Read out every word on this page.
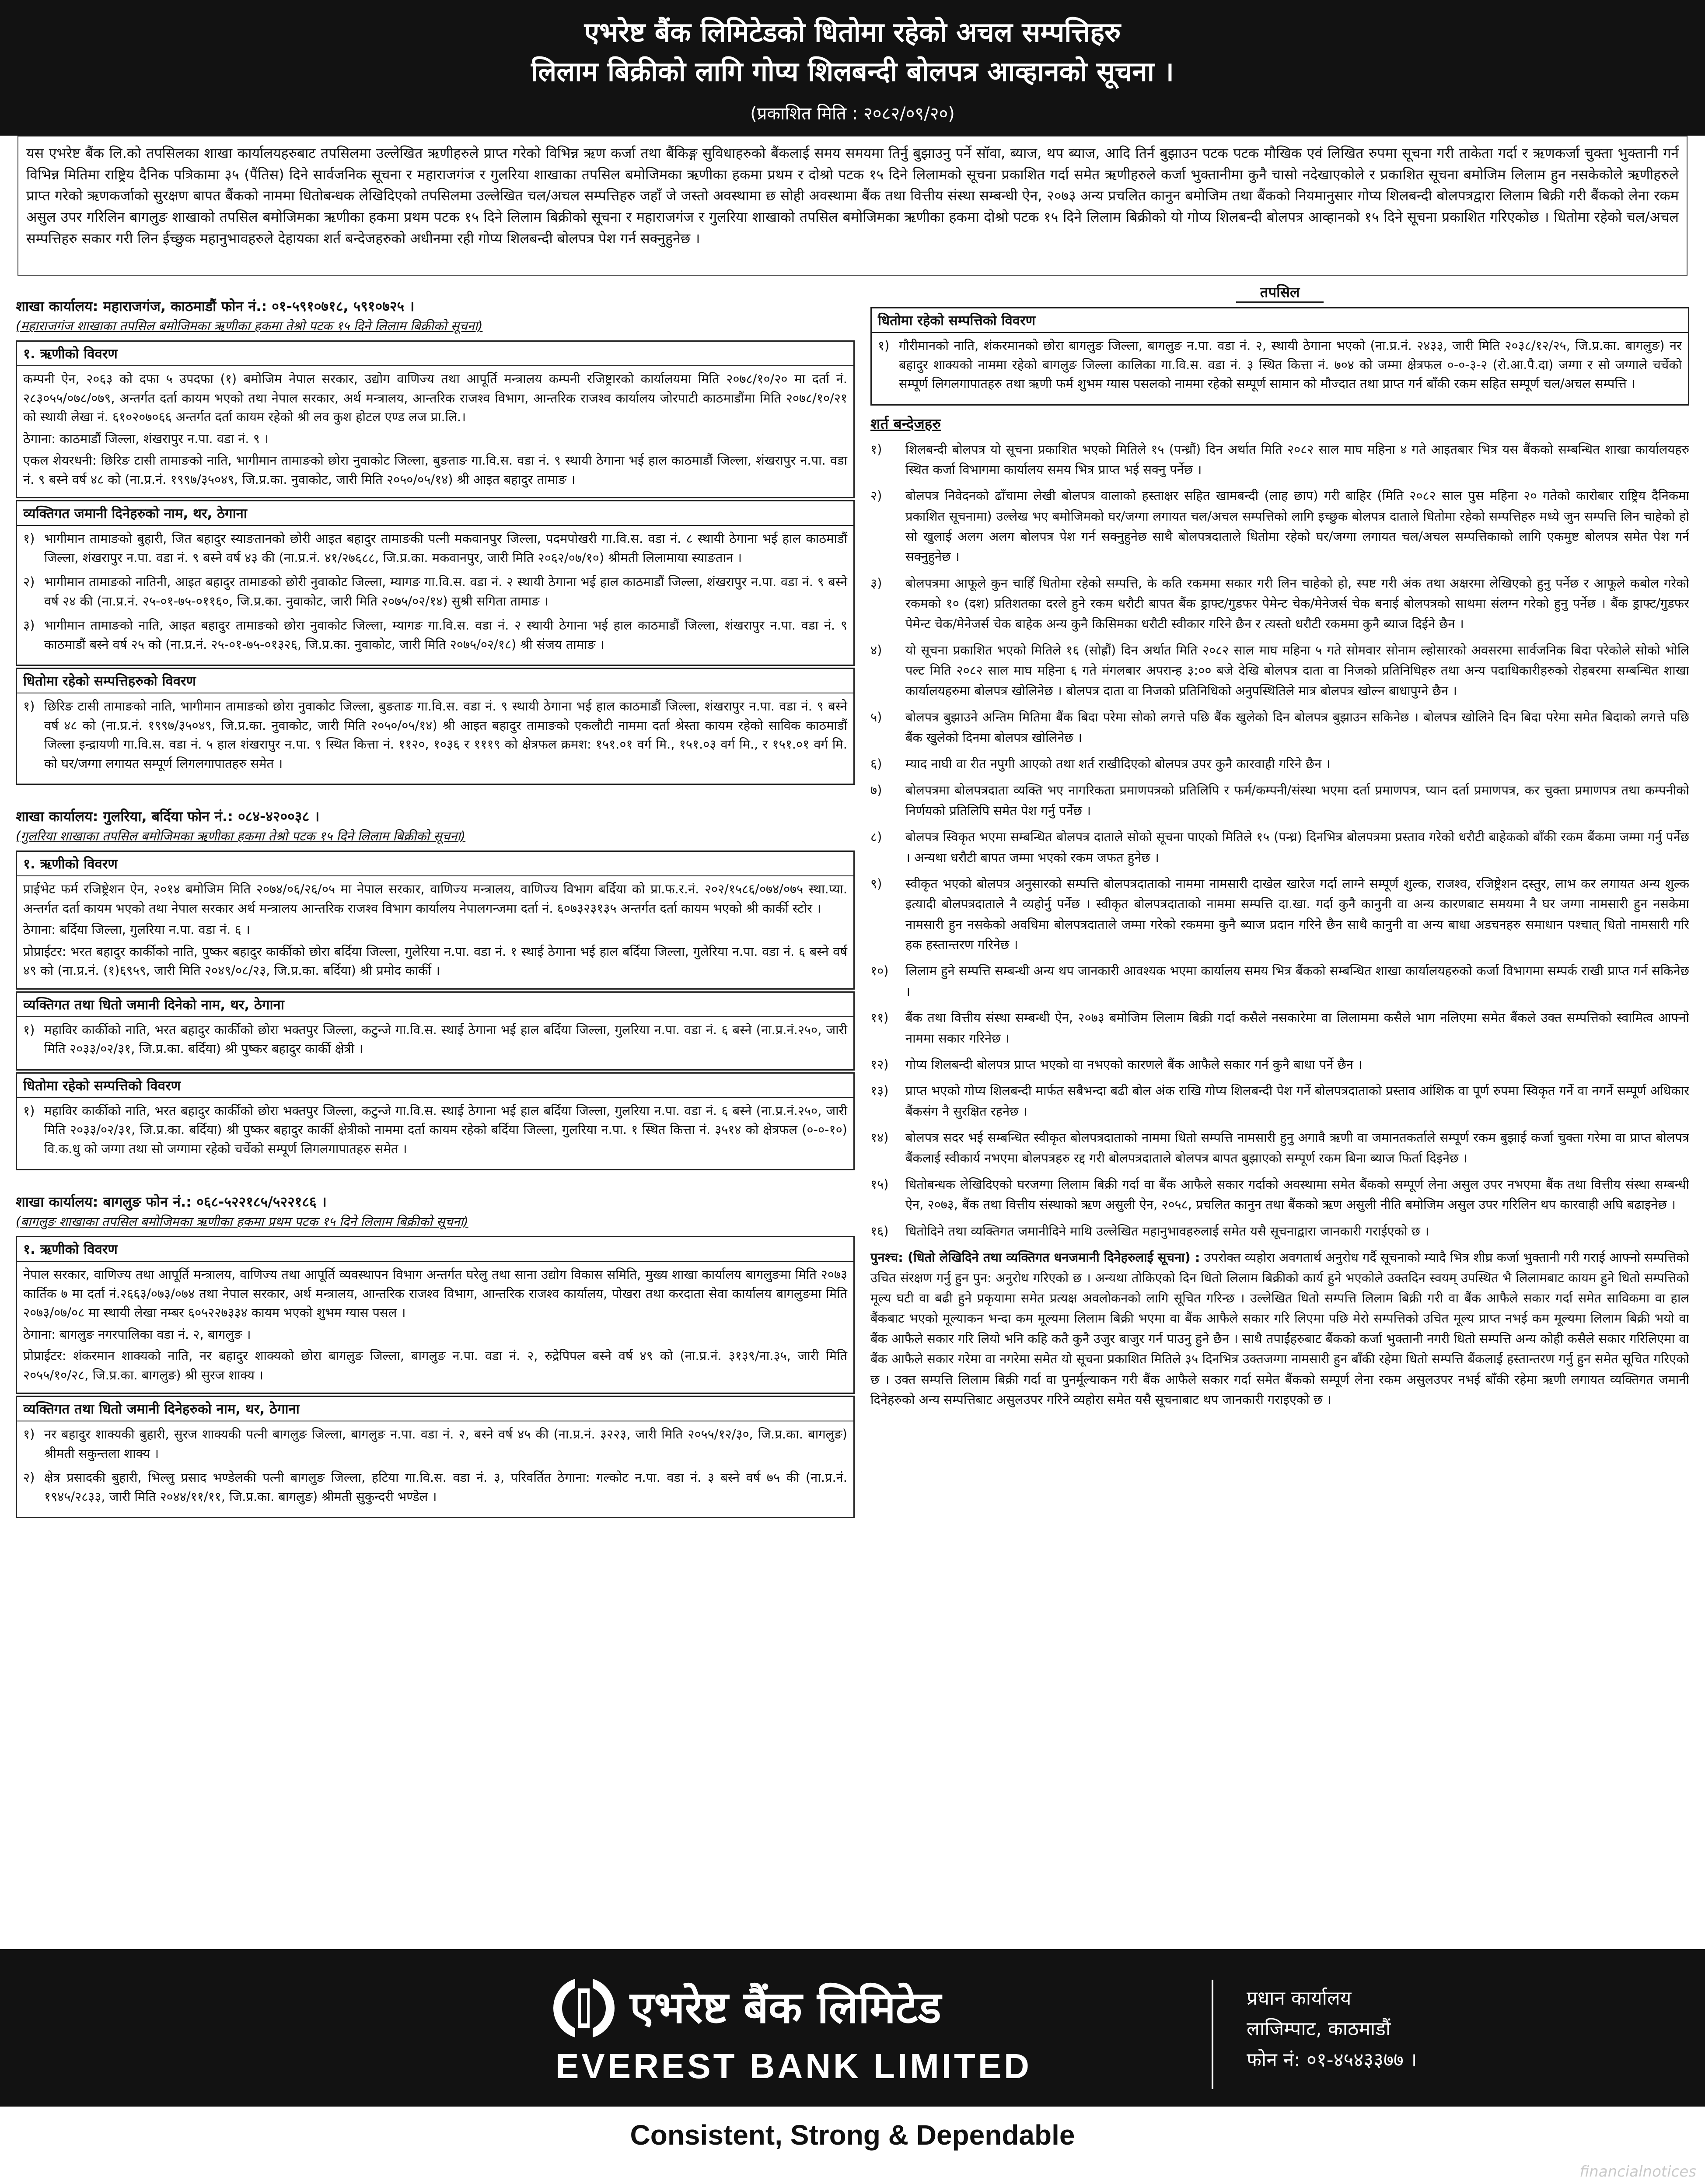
एभरेष्ट बैंक लिमिटेडको धितोमा रहेको अचल सम्पत्तिहरु
लिलाम बिक्रीको लागि गोप्य शिलबन्दी बोलपत्र आव्हानको सूचना ।
(प्रकाशित मिति : २०८२/०९/२०)
यस एभरेष्ट बैंक लि.को तपसिलका शाखा कार्यालयहरुबाट तपसिलमा उल्लेखित ऋणीहरुले प्राप्त गरेको विभिन्न ऋण कर्जा तथा बैंकिङ्ग सुविधाहरुको बैंकलाई समय समयमा तिर्नु बुझाउनु पर्ने सॉवा, ब्याज, थप ब्याज, आदि तिर्न बुझाउन पटक पटक मौखिक एवं लिखित रुपमा सूचना गरी ताकेता गर्दा र ऋणकर्जा चुक्ता भुक्तानी गर्न विभिन्न मितिमा राष्ट्रिय दैनिक पत्रिकामा ३५ (पैंतिस) दिने सार्वजनिक सूचना र महाराजगंज र गुलरिया शाखाका तपसिल बमोजिमका ऋणीका हकमा प्रथम र दोश्रो पटक १५ दिने लिलामको सूचना प्रकाशित गर्दा समेत ऋणीहरुले कर्जा भुक्तानीमा कुनै चासो नदेखाएकोले र प्रकाशित सूचना बमोजिम लिलाम हुन नसकेकोले ऋणीहरुले प्राप्त गरेको ऋणकर्जाको सुरक्षण बापत बैंकको नाममा धितोबन्धक लेखिदिएको तपसिलमा उल्लेखित चल/अचल सम्पत्तिहरु जहाँ जे जस्तो अवस्थामा छ सोही अवस्थामा बैंक तथा वित्तीय संस्था सम्बन्धी ऐन, २०७३ अन्य प्रचलित कानुन बमोजिम तथा बैंकको नियमानुसार गोप्य शिलबन्दी बोलपत्रद्वारा लिलाम बिक्री गरी बैंकको लेना रकम असुल उपर गरिलिन बागलुङ शाखाको तपसिल बमोजिमका ऋणीका हकमा प्रथम पटक १५ दिने लिलाम बिक्रीको सूचना र महाराजगंज र गुलरिया शाखाको तपसिल बमोजिमका ऋणीका हकमा दोश्रो पटक १५ दिने लिलाम बिक्रीको यो गोप्य शिलबन्दी बोलपत्र आव्हानको १५ दिने सूचना प्रकाशित गरिएकोछ । धितोमा रहेको चल/अचल सम्पत्तिहरु सकार गरी लिन ईच्छुक महानुभावहरुले देहायका शर्त बन्देजहरुको अधीनमा रही गोप्य शिलबन्दी बोलपत्र पेश गर्न सक्नुहुनेछ ।
शाखा कार्यालय: महाराजगंज, काठमाडौं फोन नं.: ०१-५९१०७१८, ५९१०७२५ ।
(महाराजगंज शाखाका तपसिल बमोजिमका ऋणीका हकमा तेश्रो पटक १५ दिने लिलाम बिक्रीको सूचना)
१. ऋणीको विवरण

कम्पनी ऐन, २०६३ को दफा ५ उपदफा (१) बमोजिम नेपाल सरकार, उद्योग वाणिज्य तथा आपूर्ति मन्त्रालय कम्पनी रजिष्ट्रारको कार्यालयमा मिति २०७८/१०/२० मा दर्ता नं. २८३०५५/०७८/०७९, अन्तर्गत दर्ता कायम भएको तथा नेपाल सरकार, अर्थ मन्त्रालय, आन्तरिक राजश्व विभाग, आन्तरिक राजश्व कार्यालय जोरपाटी काठमाडौंमा मिति २०७८/१०/२१ को स्थायी लेखा नं. ६१०२०७०६६ अन्तर्गत दर्ता कायम रहेको श्री लव कुश होटल एण्ड लज प्रा.लि.।

ठेगाना: काठमाडौं जिल्ला, शंखरापुर न.पा. वडा नं. ९ ।

एकल शेयरधनी: छिरिङ टासी तामाङको नाति, भागीमान तामाङको छोरा नुवाकोट जिल्ला, बुङताङ गा.वि.स. वडा नं. ९ स्थायी ठेगाना भई हाल काठमाडौं जिल्ला, शंखरापुर न.पा. वडा नं. ९ बस्ने वर्ष ४८ को (ना.प्र.नं. १९९७/३५०४९, जि.प्र.का. नुवाकोट, जारी मिति २०५०/०५/१४) श्री आइत बहादुर तामाङ ।

व्यक्तिगत जमानी दिनेहरुको नाम, थर, ठेगाना
१) भागीमान तामाङको बुहारी, जित बहादुर स्याङतानको छोरी आइत बहादुर तामाङकी पत्नी मकवानपुर जिल्ला, पदमपोखरी गा.वि.स. वडा नं. ८ स्थायी ठेगाना भई हाल काठमाडौं जिल्ला, शंखरापुर न.पा. वडा नं. ९ बस्ने वर्ष ४३ की (ना.प्र.नं. ४१/२७६८८, जि.प्र.का. मकवानपुर, जारी मिति २०६२/०७/१०) श्रीमती लिलामाया स्याङतान ।
२) भागीमान तामाङको नातिनी, आइत बहादुर तामाङको छोरी नुवाकोट जिल्ला, म्यागङ गा.वि.स. वडा नं. २ स्थायी ठेगाना भई हाल काठमाडौं जिल्ला, शंखरापुर न.पा. वडा नं. ९ बस्ने वर्ष २४ की (ना.प्र.नं. २५-०१-७५-०११६०, जि.प्र.का. नुवाकोट, जारी मिति २०७५/०२/१४) सुश्री सगिता तामाङ ।
३) भागीमान तामाङको नाति, आइत बहादुर तामाङको छोरा नुवाकोट जिल्ला, म्यागङ गा.वि.स. वडा नं. २ स्थायी ठेगाना भई हाल काठमाडौं जिल्ला, शंखरापुर न.पा. वडा नं. ९ काठमाडौं बस्ने वर्ष २५ को (ना.प्र.नं. २५-०१-७५-०१३२६, जि.प्र.का. नुवाकोट, जारी मिति २०७५/०२/१८) श्री संजय तामाङ ।
धितोमा रहेको सम्पत्तिहरुको विवरण
१) छिरिङ टासी तामाङको नाति, भागीमान तामाङको छोरा नुवाकोट जिल्ला, बुङताङ गा.वि.स. वडा नं. ९ स्थायी ठेगाना भई हाल काठमाडौं जिल्ला, शंखरापुर न.पा. वडा नं. ९ बस्ने वर्ष ४८ को (ना.प्र.नं. १९९७/३५०४९, जि.प्र.का. नुवाकोट, जारी मिति २०५०/०५/१४) श्री आइत बहादुर तामाङको एकलौटी नाममा दर्ता श्रेस्ता कायम रहेको साविक काठमाडौं जिल्ला इन्द्रायणी गा.वि.स. वडा नं. ५ हाल शंखरापुर न.पा. ९ स्थित कित्ता नं. ११२०, १०३६ र १११९ को क्षेत्रफल क्रमश: १५१.०१ वर्ग मि., १५१.०३ वर्ग मि., र १५१.०१ वर्ग मि. को घर/जग्गा लगायत सम्पूर्ण लिगलगापातहरु समेत ।
शाखा कार्यालय: गुलरिया, बर्दिया फोन नं.: ०८४-४२००३८ ।
(गुलरिया शाखाका तपसिल बमोजिमका ऋणीका हकमा तेश्रो पटक १५ दिने लिलाम बिक्रीको सूचना)
१. ऋणीको विवरण

प्राईभेट फर्म रजिष्ट्रेशन ऐन, २०१४ बमोजिम मिति २०७४/०६/२६/०५ मा नेपाल सरकार, वाणिज्य मन्त्रालय, वाणिज्य विभाग बर्दिया को प्रा.फ.र.नं. २०२/१५८६/०७४/०७५ स्था.प्या. अन्तर्गत दर्ता कायम भएको तथा नेपाल सरकार अर्थ मन्त्रालय आन्तरिक राजश्व विभाग कार्यालय नेपालगन्जमा दर्ता नं. ६०७३२३१३५ अन्तर्गत दर्ता कायम भएको श्री कार्की स्टोर ।

ठेगाना: बर्दिया जिल्ला, गुलरिया न.पा. वडा नं. ६ ।

प्रोप्राईटर: भरत बहादुर कार्कीको नाति, पुष्कर बहादुर कार्कीको छोरा बर्दिया जिल्ला, गुलेरिया न.पा. वडा नं. १ स्थाई ठेगाना भई हाल बर्दिया जिल्ला, गुलेरिया न.पा. वडा नं. ६ बस्ने वर्ष ४९ को (ना.प्र.नं. (१)६९५९, जारी मिति २०४९/०८/२३, जि.प्र.का. बर्दिया) श्री प्रमोद कार्की ।

व्यक्तिगत तथा धितो जमानी दिनेको नाम, थर, ठेगाना
१) महाविर कार्कीको नाति, भरत बहादुर कार्कीको छोरा भक्तपुर जिल्ला, कटुन्जे गा.वि.स. स्थाई ठेगाना भई हाल बर्दिया जिल्ला, गुलरिया न.पा. वडा नं. ६ बस्ने (ना.प्र.नं.२५०, जारी मिति २०३३/०२/३१, जि.प्र.का. बर्दिया) श्री पुष्कर बहादुर कार्की क्षेत्री ।
धितोमा रहेको सम्पत्तिको विवरण
१) महाविर कार्कीको नाति, भरत बहादुर कार्कीको छोरा भक्तपुर जिल्ला, कटुन्जे गा.वि.स. स्थाई ठेगाना भई हाल बर्दिया जिल्ला, गुलरिया न.पा. वडा नं. ६ बस्ने (ना.प्र.नं.२५०, जारी मिति २०३३/०२/३१, जि.प्र.का. बर्दिया) श्री पुष्कर बहादुर कार्की क्षेत्रीको नाममा दर्ता कायम रहेको बर्दिया जिल्ला, गुलरिया न.पा. १ स्थित कित्ता नं. ३५१४ को क्षेत्रफल (०-०-१०) वि.क.धु को जग्गा तथा सो जग्गामा रहेको चर्चेको सम्पूर्ण लिगलगापातहरु समेत ।
शाखा कार्यालय: बागलुङ फोन नं.: ०६८-५२२१८५/५२२१८६ ।
(बागलुङ शाखाका तपसिल बमोजिमका ऋणीका हकमा प्रथम पटक १५ दिने लिलाम बिक्रीको सूचना)
१. ऋणीको विवरण

नेपाल सरकार, वाणिज्य तथा आपूर्ति मन्त्रालय, वाणिज्य तथा आपूर्ति व्यवस्थापन विभाग अन्तर्गत घरेलु तथा साना उद्योग विकास समिति, मुख्य शाखा कार्यालय बागलुङमा मिति २०७३ कार्तिक ७ मा दर्ता नं.२६६३/०७३/०७४ तथा नेपाल सरकार, अर्थ मन्त्रालय, आन्तरिक राजश्व विभाग, आन्तरिक राजश्व कार्यालय, पोखरा तथा करदाता सेवा कार्यालय बागलुङमा मिति २०७३/०७/०८ मा स्थायी लेखा नम्बर ६०५२२७३३४ कायम भएको शुभम ग्यास पसल ।

ठेगाना: बागलुङ नगरपालिका वडा नं. २, बागलुङ ।

प्रोप्राईटर: शंकरमान शाक्यको नाति, नर बहादुर शाक्यको छोरा बागलुङ जिल्ला, बागलुङ न.पा. वडा नं. २, रुद्रेपिपल बस्ने वर्ष ४९ को (ना.प्र.नं. ३१३९/ना.३५, जारी मिति २०५५/१०/२८, जि.प्र.का. बागलुङ) श्री सुरज शाक्य ।

व्यक्तिगत तथा धितो जमानी दिनेहरुको नाम, थर, ठेगाना
१) नर बहादुर शाक्यकी बुहारी, सुरज शाक्यकी पत्नी बागलुङ जिल्ला, बागलुङ न.पा. वडा नं. २, बस्ने वर्ष ४५ की (ना.प्र.नं. ३२२३, जारी मिति २०५५/१२/३०, जि.प्र.का. बागलुङ) श्रीमती सकुन्तला शाक्य ।
२) क्षेत्र प्रसादकी बुहारी, भिल्लु प्रसाद भण्डेलकी पत्नी बागलुङ जिल्ला, हटिया गा.वि.स. वडा नं. ३, परिवर्तित ठेगाना: गल्कोट न.पा. वडा नं. ३ बस्ने वर्ष ७५ की (ना.प्र.नं. १९४५/२८३३, जारी मिति २०४४/११/११, जि.प्र.का. बागलुङ) श्रीमती सुकुन्दरी भण्डेल ।
तपसिल
धितोमा रहेको सम्पत्तिको विवरण
१) गौरीमानको नाति, शंकरमानको छोरा बागलुङ जिल्ला, बागलुङ न.पा. वडा नं. २, स्थायी ठेगाना भएको (ना.प्र.नं. २४३३, जारी मिति २०३८/१२/२५, जि.प्र.का. बागलुङ) नर बहादुर शाक्यको नाममा रहेको बागलुङ जिल्ला कालिका गा.वि.स. वडा नं. ३ स्थित कित्ता नं. ७०४ को जम्मा क्षेत्रफल ०-०-३-२ (रो.आ.पै.दा) जग्गा र सो जग्गाले चर्चेको सम्पूर्ण लिगलगापातहरु तथा ऋणी फर्म शुभम ग्यास पसलको नाममा रहेको सम्पूर्ण सामान को मौज्दात तथा प्राप्त गर्न बाँकी रकम सहित सम्पूर्ण चल/अचल सम्पत्ति ।
शर्त बन्देजहरु
१) शिलबन्दी बोलपत्र यो सूचना प्रकाशित भएको मितिले १५ (पन्ध्रौं) दिन अर्थात मिति २०८२ साल माघ महिना ४ गते आइतबार भित्र यस बैंकको सम्बन्धित शाखा कार्यालयहरु स्थित कर्जा विभागमा कार्यालय समय भित्र प्राप्त भई सक्नु पर्नेछ ।
२) बोलपत्र निवेदनको ढाँचामा लेखी बोलपत्र वालाको हस्ताक्षर सहित खामबन्दी (लाह छाप) गरी बाहिर (मिति २०८२ साल पुस महिना २० गतेको कारोबार राष्ट्रिय दैनिकमा प्रकाशित सूचनामा) उल्लेख भए बमोजिमको घर/जग्गा लगायत चल/अचल सम्पत्तिको लागि इच्छुक बोलपत्र दाताले धितोमा रहेको सम्पत्तिहरु मध्ये जुन सम्पत्ति लिन चाहेको हो सो खुलाई अलग अलग बोलपत्र पेश गर्न सक्नुहुनेछ साथै बोलपत्रदाताले धितोमा रहेको घर/जग्गा लगायत चल/अचल सम्पत्तिकाको लागि एकमुष्ट बोलपत्र समेत पेश गर्न सक्नुहुनेछ ।
३) बोलपत्रमा आफूले कुन चाहिँ धितोमा रहेको सम्पत्ति, के कति रकममा सकार गरी लिन चाहेको हो, स्पष्ट गरी अंक तथा अक्षरमा लेखिएको हुनु पर्नेछ र आफूले कबोल गरेको रकमको १० (दश) प्रतिशतका दरले हुने रकम धरौटी बापत बैंक ड्राफ्ट/गुडफर पेमेन्ट चेक/मेनेजर्स चेक बनाई बोलपत्रको साथमा संलग्न गरेको हुनु पर्नेछ । बैंक ड्राफ्ट/गुडफर पेमेन्ट चेक/मेनेजर्स चेक बाहेक अन्य कुनै किसिमका धरौटी स्वीकार गरिने छैन र त्यस्तो धरौटी रकममा कुनै ब्याज दिईने छैन ।
४) यो सूचना प्रकाशित भएको मितिले १६ (सोह्रौं) दिन अर्थात मिति २०८२ साल माघ महिना ५ गते सोमवार सोनाम ल्होसारको अवसरमा सार्वजनिक बिदा परेकोले सोको भोलि पल्ट मिति २०८२ साल माघ महिना ६ गते मंगलबार अपरान्ह ३:०० बजे देखि बोलपत्र दाता वा निजको प्रतिनिधिहरु तथा अन्य पदाधिकारीहरुको रोहबरमा सम्बन्धित शाखा कार्यालयहरुमा बोलपत्र खोलिनेछ । बोलपत्र दाता वा निजको प्रतिनिधिको अनुपस्थितिले मात्र बोलपत्र खोल्न बाधापुग्ने छैन ।
५) बोलपत्र बुझाउने अन्तिम मितिमा बैंक बिदा परेमा सोको लगत्ते पछि बैंक खुलेको दिन बोलपत्र बुझाउन सकिनेछ । बोलपत्र खोलिने दिन बिदा परेमा समेत बिदाको लगत्ते पछि बैंक खुलेको दिनमा बोलपत्र खोलिनेछ ।
६) म्याद नाघी वा रीत नपुगी आएको तथा शर्त राखीदिएको बोलपत्र उपर कुनै कारवाही गरिने छैन ।
७) बोलपत्रमा बोलपत्रदाता व्यक्ति भए नागरिकता प्रमाणपत्रको प्रतिलिपि र फर्म/कम्पनी/संस्था भएमा दर्ता प्रमाणपत्र, प्यान दर्ता प्रमाणपत्र, कर चुक्ता प्रमाणपत्र तथा कम्पनीको निर्णयको प्रतिलिपि समेत पेश गर्नु पर्नेछ ।
८) बोलपत्र स्विकृत भएमा सम्बन्धित बोलपत्र दाताले सोको सूचना पाएको मितिले १५ (पन्ध्र) दिनभित्र बोलपत्रमा प्रस्ताव गरेको धरौटी बाहेकको बाँकी रकम बैंकमा जम्मा गर्नु पर्नेछ । अन्यथा धरौटी बापत जम्मा भएको रकम जफत हुनेछ ।
९) स्वीकृत भएको बोलपत्र अनुसारको सम्पत्ति बोलपत्रदाताको नाममा नामसारी दाखेल खारेज गर्दा लाग्ने सम्पूर्ण शुल्क, राजश्व, रजिष्ट्रेशन दस्तुर, लाभ कर लगायत अन्य शुल्क इत्यादी बोलपत्रदाताले नै व्यहोर्नु पर्नेछ । स्वीकृत बोलपत्रदाताको नाममा सम्पत्ति दा.खा. गर्दा कुनै कानुनी वा अन्य कारणबाट समयमा नै घर जग्गा नामसारी हुन नसकेमा नामसारी हुन नसकेको अवधिमा बोलपत्रदाताले जम्मा गरेको रकममा कुनै ब्याज प्रदान गरिने छैन साथै कानुनी वा अन्य बाधा अडचनहरु समाधान पश्चात् धितो नामसारी गरि हक हस्तान्तरण गरिनेछ ।
१०) लिलाम हुने सम्पत्ति सम्बन्धी अन्य थप जानकारी आवश्यक भएमा कार्यालय समय भित्र बैंकको सम्बन्धित शाखा कार्यालयहरुको कर्जा विभागमा सम्पर्क राखी प्राप्त गर्न सकिनेछ ।
११) बैंक तथा वित्तीय संस्था सम्बन्धी ऐन, २०७३ बमोजिम लिलाम बिक्री गर्दा कसैले नसकारेमा वा लिलाममा कसैले भाग नलिएमा समेत बैंकले उक्त सम्पत्तिको स्वामित्व आफ्नो नाममा सकार गरिनेछ ।
१२) गोप्य शिलबन्दी बोलपत्र प्राप्त भएको वा नभएकाे कारणले बैंक आफैले सकार गर्न कुनै बाधा पर्ने छैन ।
१३) प्राप्त भएको गोप्य शिलबन्दी मार्फत सबैभन्दा बढी बोल अंक राखि गोप्य शिलबन्दी पेश गर्ने बोलपत्रदाताको प्रस्ताव आंशिक वा पूर्ण रुपमा स्विकृत गर्ने वा नगर्ने सम्पूर्ण अधिकार बैंकसंग नै सुरक्षित रहनेछ ।
१४) बोलपत्र सदर भई सम्बन्धित स्वीकृत बोलपत्रदाताको नाममा धितो सम्पत्ति नामसारी हुनु अगावै ऋणी वा जमानतकर्ताले सम्पूर्ण रकम बुझाई कर्जा चुक्ता गरेमा वा प्राप्त बोलपत्र बैंकलाई स्वीकार्य नभएमा बोलपत्रहरु रद्द गरी बोलपत्रदाताले बोलपत्र बापत बुझाएको सम्पूर्ण रकम बिना ब्याज फिर्ता दिइनेछ ।
१५) धितोबन्धक लेखिदिएको घरजग्गा लिलाम बिक्री गर्दा वा बैंक आफैले सकार गर्दाको अवस्थामा समेत बैंकको सम्पूर्ण लेना असुल उपर नभएमा बैंक तथा वित्तीय संस्था सम्बन्धी ऐन, २०७३, बैंक तथा वित्तीय संस्थाको ऋण असुली ऐन, २०५८, प्रचलित कानुन तथा बैंकको ऋण असुली नीति बमोजिम असुल उपर गरिलिन थप कारवाही अघि बढाइनेछ ।
१६) धितोदिने तथा व्यक्तिगत जमानीदिने माथि उल्लेखित महानुभावहरुलाई समेत यसै सूचनाद्वारा जानकारी गराईएको छ ।
पुनश्च: (धितो लेखिदिने तथा व्यक्तिगत धनजमानी दिनेहरुलाई सूचना) : उपरोक्त व्यहोरा अवगतार्थ अनुरोध गर्दै सूचनाको म्यादै भित्र शीघ्र कर्जा भुक्तानी गरी गराई आफ्नो सम्पत्तिको उचित संरक्षण गर्नु हुन पुन: अनुरोध गरिएको छ । अन्यथा तोकिएको दिन धितो लिलाम बिक्रीको कार्य हुने भएकोले उक्तदिन स्वयम् उपस्थित भै लिलामबाट कायम हुने धितो सम्पत्तिको मूल्य घटी वा बढी हुने प्रकृयामा समेत प्रत्यक्ष अवलोकनको लागि सूचित गरिन्छ । उल्लेखित धितो सम्पत्ति लिलाम बिक्री गरी वा बैंक आफैले सकार गर्दा समेत साविकमा वा हाल बैंकबाट भएको मूल्याकन भन्दा कम मूल्यमा लिलाम बिक्री भएमा वा बैंक आफैले सकार गरि लिएमा पछि मेरो सम्पत्तिको उचित मूल्य प्राप्त नभई कम मूल्यमा लिलाम बिक्री भयो वा बैंक आफैले सकार गरि लियो भनि कहि कतै कुनै उजुर बाजुर गर्न पाउनु हुने छैन । साथै तपाईंहरुबाट बैंकको कर्जा भुक्तानी नगरी धितो सम्पत्ति अन्य कोही कसैले सकार गरिलिएमा वा बैंक आफैले सकार गरेमा वा नगरेमा समेत यो सूचना प्रकाशित मितिले ३५ दिनभित्र उक्तजग्गा नामसारी हुन बाँकी रहेमा धितो सम्पत्ति बैंकलाई हस्तान्तरण गर्नु हुन समेत सूचित गरिएको छ । उक्त सम्पत्ति लिलाम बिक्री गर्दा वा पुनर्मूल्याकन गरी बैंक आफैले सकार गर्दा समेत बैंकको सम्पूर्ण लेना रकम असुलउपर नभई बाँकी रहेमा ऋणी लगायत व्यक्तिगत जमानी दिनेहरुको अन्य सम्पत्तिबाट असुलउपर गरिने व्यहोरा समेत यसै सूचनाबाट थप जानकारी गराइएको छ ।
एभरेष्ट बैंक लिमिटेड
EVEREST BANK LIMITED
प्रधान कार्यालय
लाजिम्पाट, काठमाडौं
फोन नं: ०१-४५४३३७७ ।
Consistent, Strong & Dependable
financialnotices
